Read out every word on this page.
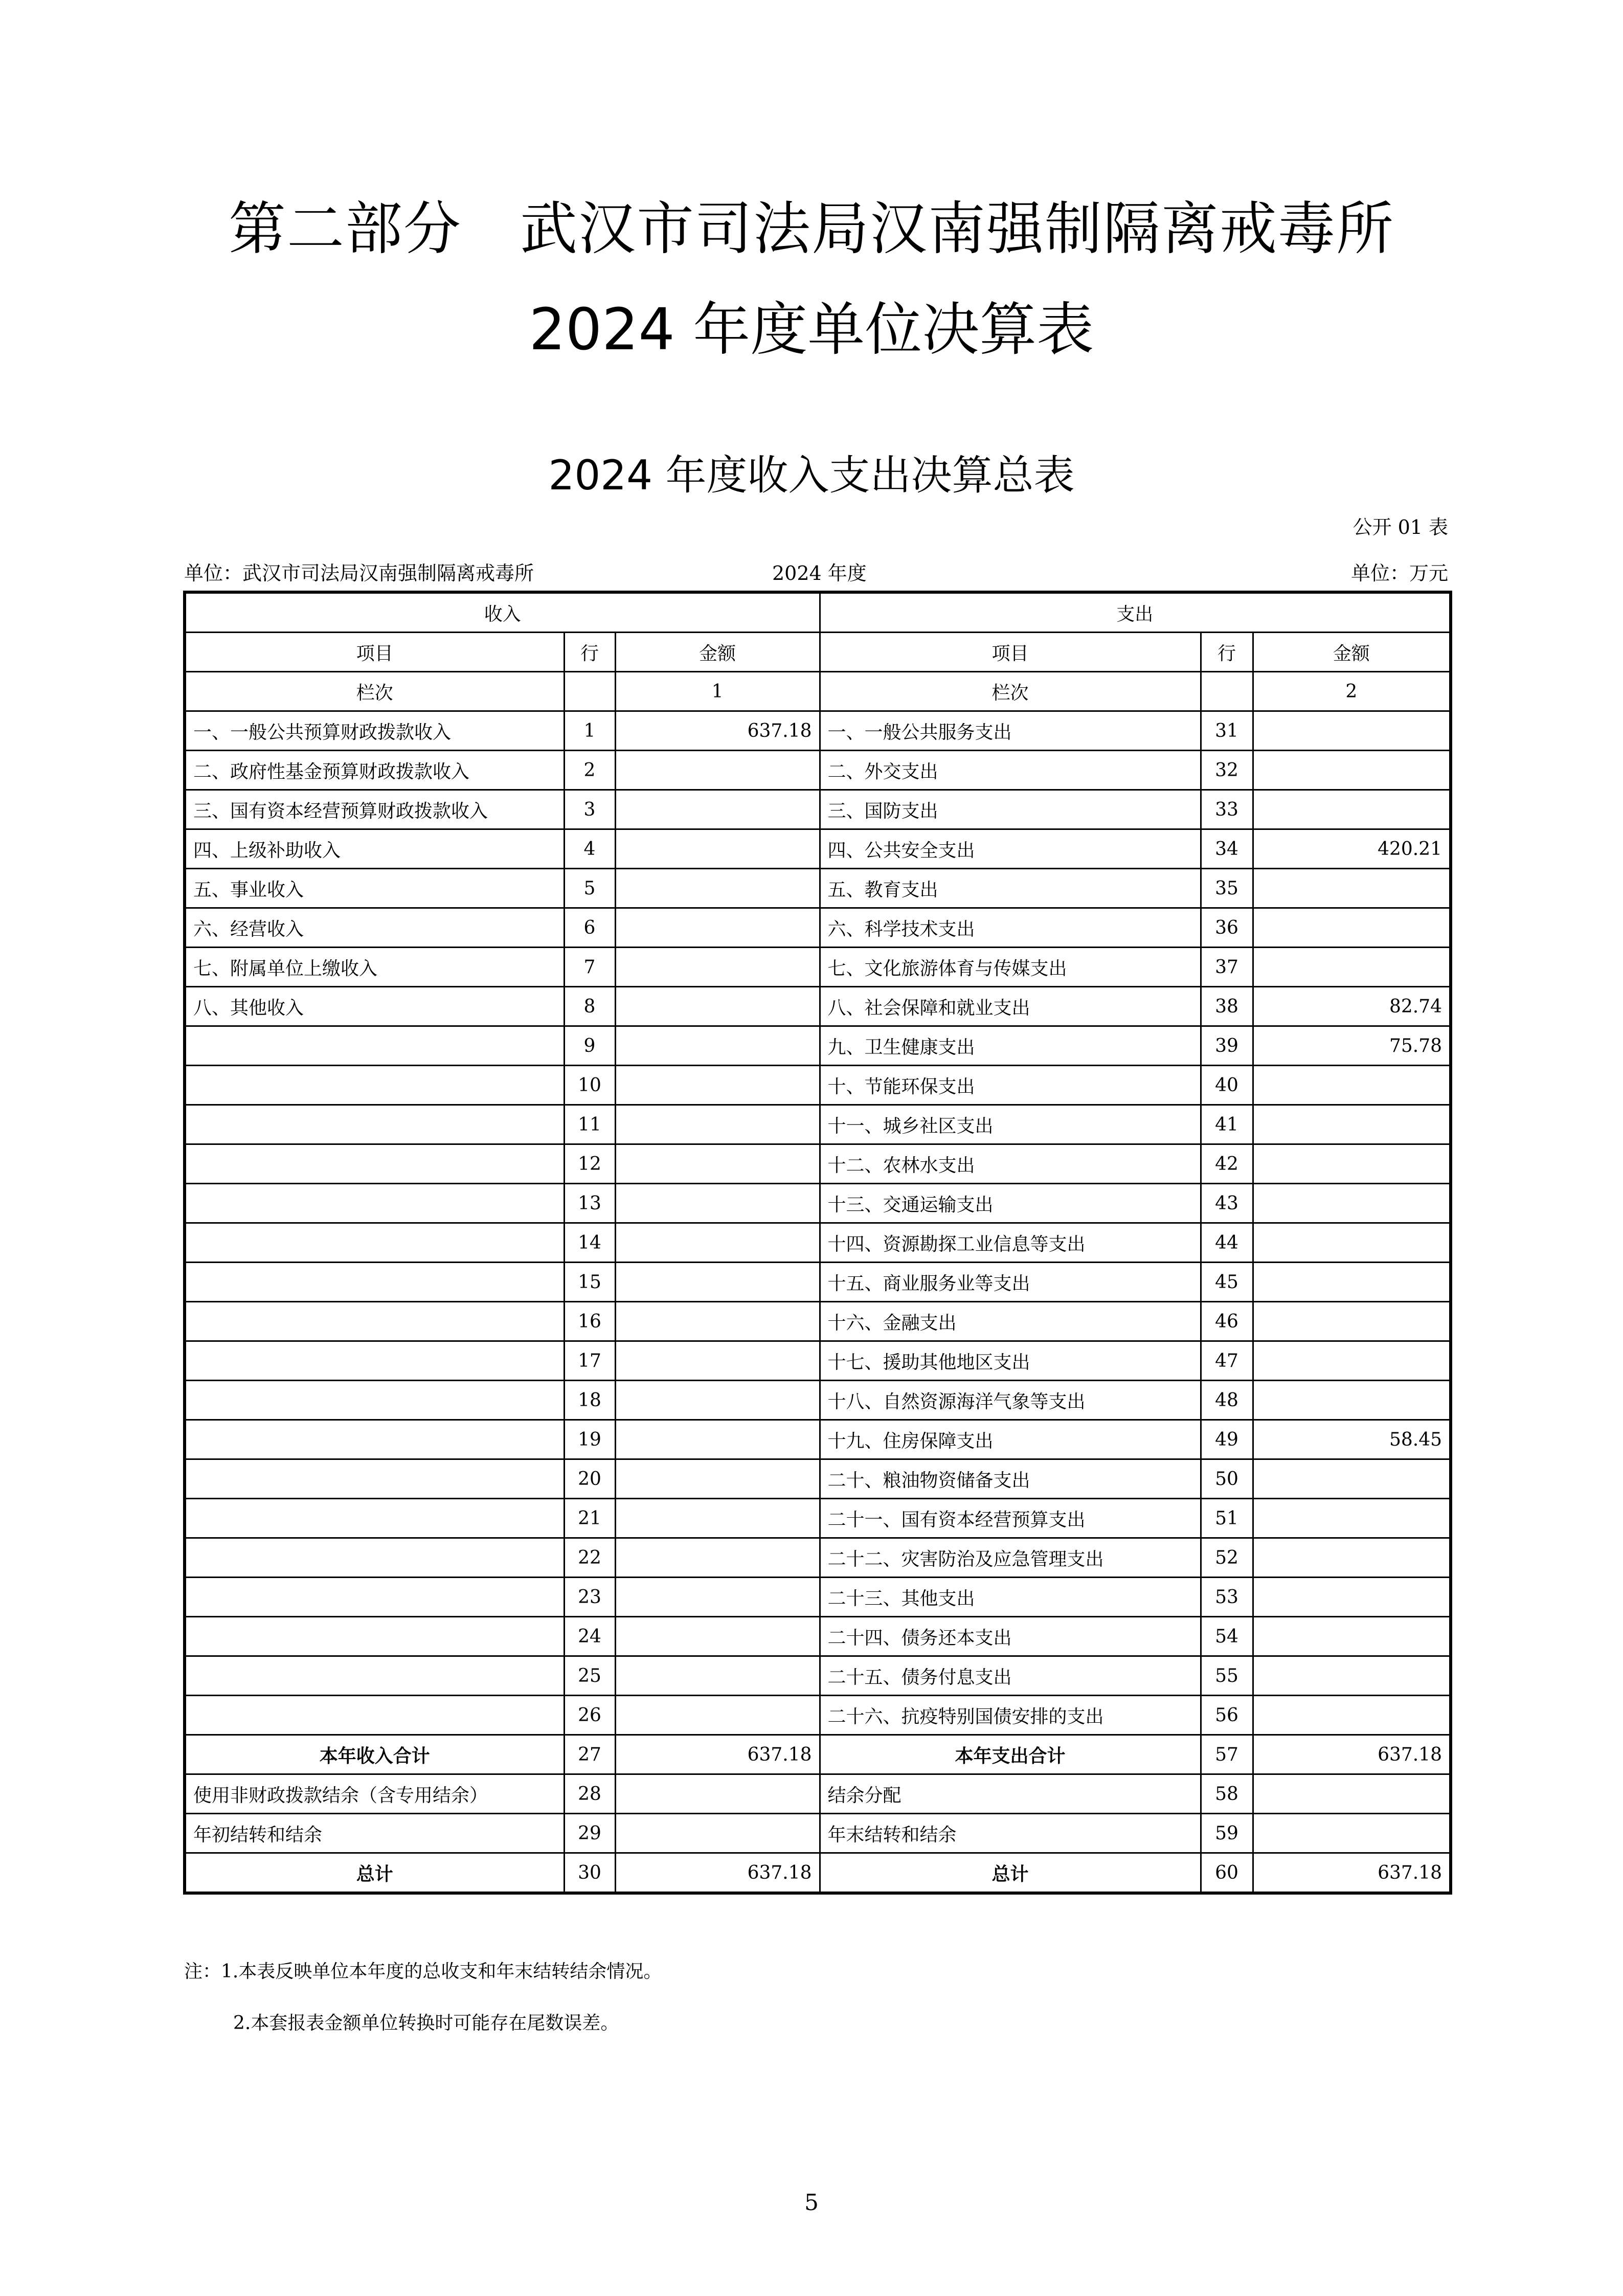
第二部分　武汉市司法局汉南强制隔离戒毒所
2024 年度单位决算表
2024 年度收入支出决算总表
公开 01 表
单位：武汉市司法局汉南强制隔离戒毒所	2024 年度	单位：万元
收入			支出		
项目	行	金额	项目	行	金额
栏次		1	栏次		2
一、一般公共预算财政拨款收入	1	637.18	一、一般公共服务支出	31	
二、政府性基金预算财政拨款收入	2		二、外交支出	32	
三、国有资本经营预算财政拨款收入	3		三、国防支出	33	
四、上级补助收入	4		四、公共安全支出	34	420.21
五、事业收入	5		五、教育支出	35	
六、经营收入	6		六、科学技术支出	36	
七、附属单位上缴收入	7		七、文化旅游体育与传媒支出	37	
八、其他收入	8		八、社会保障和就业支出	38	82.74
	9		九、卫生健康支出	39	75.78
	10		十、节能环保支出	40	
	11		十一、城乡社区支出	41	
	12		十二、农林水支出	42	
	13		十三、交通运输支出	43	
	14		十四、资源勘探工业信息等支出	44	
	15		十五、商业服务业等支出	45	
	16		十六、金融支出	46	
	17		十七、援助其他地区支出	47	
	18		十八、自然资源海洋气象等支出	48	
	19		十九、住房保障支出	49	58.45
	20		二十、粮油物资储备支出	50	
	21		二十一、国有资本经营预算支出	51	
	22		二十二、灾害防治及应急管理支出	52	
	23		二十三、其他支出	53	
	24		二十四、债务还本支出	54	
	25		二十五、债务付息支出	55	
	26		二十六、抗疫特别国债安排的支出	56	
本年收入合计	27	637.18	本年支出合计	57	637.18
使用非财政拨款结余（含专用结余）	28		结余分配	58	
年初结转和结余	29		年末结转和结余	59	
总计	30	637.18	总计	60	637.18
注：1.本表反映单位本年度的总收支和年末结转结余情况。
2.本套报表金额单位转换时可能存在尾数误差。
5
